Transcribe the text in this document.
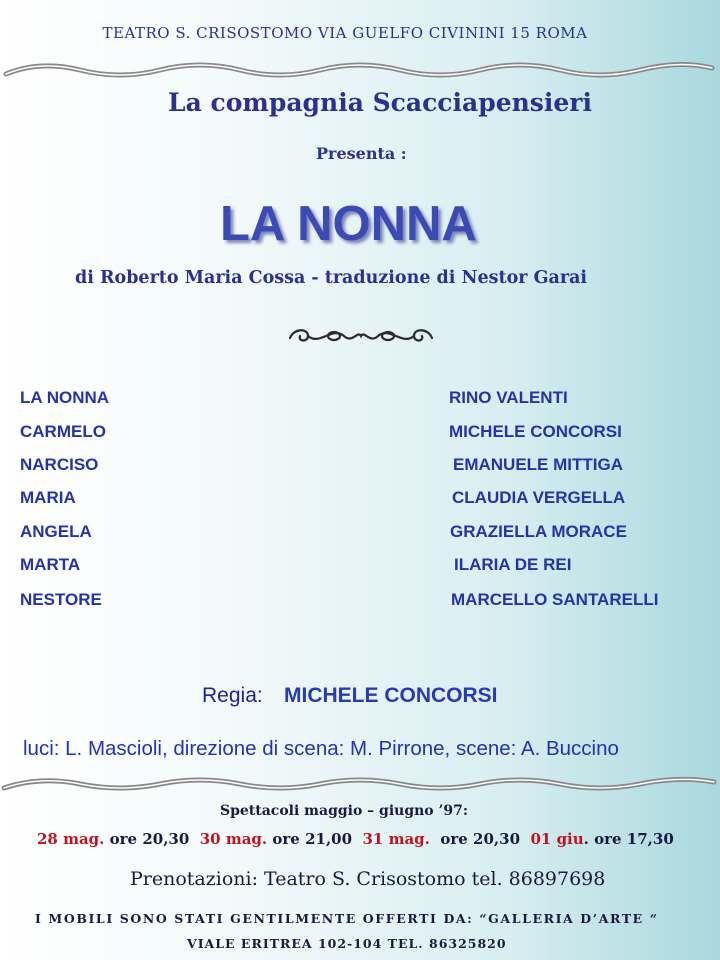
TEATRO S. CRISOSTOMO VIA GUELFO CIVININI 15 ROMA
La compagnia Scacciapensieri
Presenta :
LA NONNA
di Roberto Maria Cossa - traduzione di Nestor Garai
LA NONNA	RINO VALENTI
CARMELO	MICHELE CONCORSI
NARCISO	EMANUELE MITTIGA
MARIA	CLAUDIA VERGELLA
ANGELA	GRAZIELLA MORACE
MARTA	ILARIA DE REI
NESTORE	MARCELLO SANTARELLI
Regia: MICHELE CONCORSI
luci: L. Mascioli, direzione di scena: M. Pirrone, scene: A. Buccino
Spettacoli maggio – giugno ’97:
28 mag. ore 20,30 30 mag. ore 21,00 31 mag. ore 20,30 01 giu. ore 17,30
Prenotazioni: Teatro S. Crisostomo tel. 86897698
I MOBILI SONO STATI GENTILMENTE OFFERTI DA: “GALLERIA D’ARTE “
VIALE ERITREA 102-104 TEL. 86325820
